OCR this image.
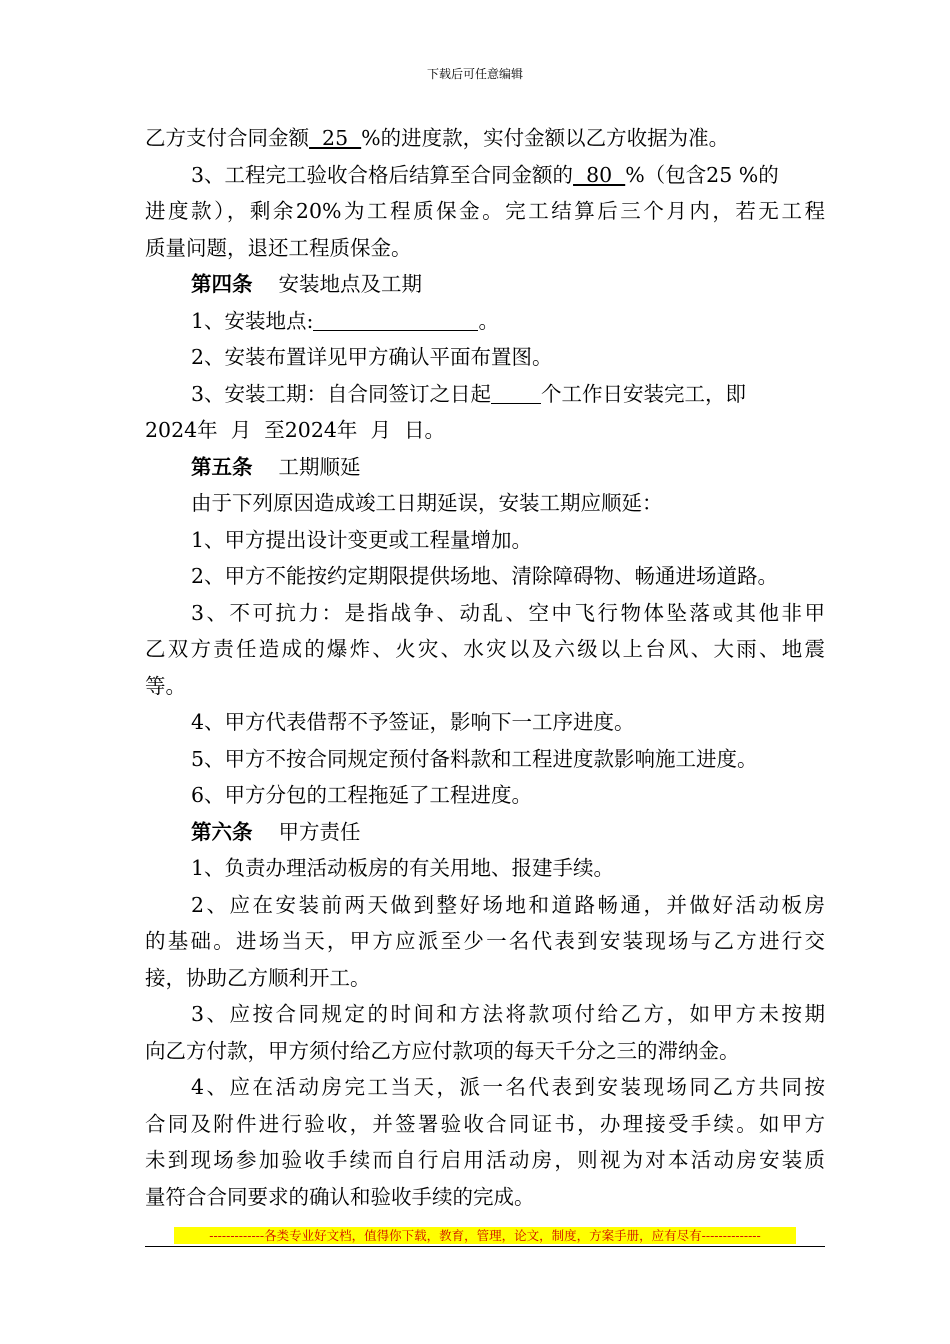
下载后可任意编辑
乙方支付合同金额  25  %的进度款，实付金额以乙方收据为准。
3、工程完工验收合格后结算至合同金额的  80  %（包含25 %的
进度款），剩余20%为工程质保金。完工结算后三个月内，若无工程
质量问题，退还工程质保金。
第四条 安装地点及工期
1、安装地点:	。
2、安装布置详见甲方确认平面布置图。
3、安装工期：自合同签订之日起 个工作日安装完工，即
2024年  月  至2024年  月  日。
第五条 工期顺延
由于下列原因造成竣工日期延误，安装工期应顺延：
1、甲方提出设计变更或工程量增加。
2、甲方不能按约定期限提供场地、清除障碍物、畅通进场道路。
3、不可抗力：是指战争、动乱、空中飞行物体坠落或其他非甲
乙双方责任造成的爆炸、火灾、水灾以及六级以上台风、大雨、地震
等。
4、甲方代表借帮不予签证，影响下一工序进度。
5、甲方不按合同规定预付备料款和工程进度款影响施工进度。
6、甲方分包的工程拖延了工程进度。
第六条 甲方责任
1、负责办理活动板房的有关用地、报建手续。
2、应在安装前两天做到整好场地和道路畅通，并做好活动板房
的基础。进场当天，甲方应派至少一名代表到安装现场与乙方进行交
接，协助乙方顺利开工。
3、应按合同规定的时间和方法将款项付给乙方，如甲方未按期
向乙方付款，甲方须付给乙方应付款项的每天千分之三的滞纳金。
4、应在活动房完工当天，派一名代表到安装现场同乙方共同按
合同及附件进行验收，并签署验收合同证书，办理接受手续。如甲方
未到现场参加验收手续而自行启用活动房，则视为对本活动房安装质
量符合合同要求的确认和验收手续的完成。
-------------各类专业好文档，值得你下载，教育，管理，论文，制度，方案手册，应有尽有--------------
